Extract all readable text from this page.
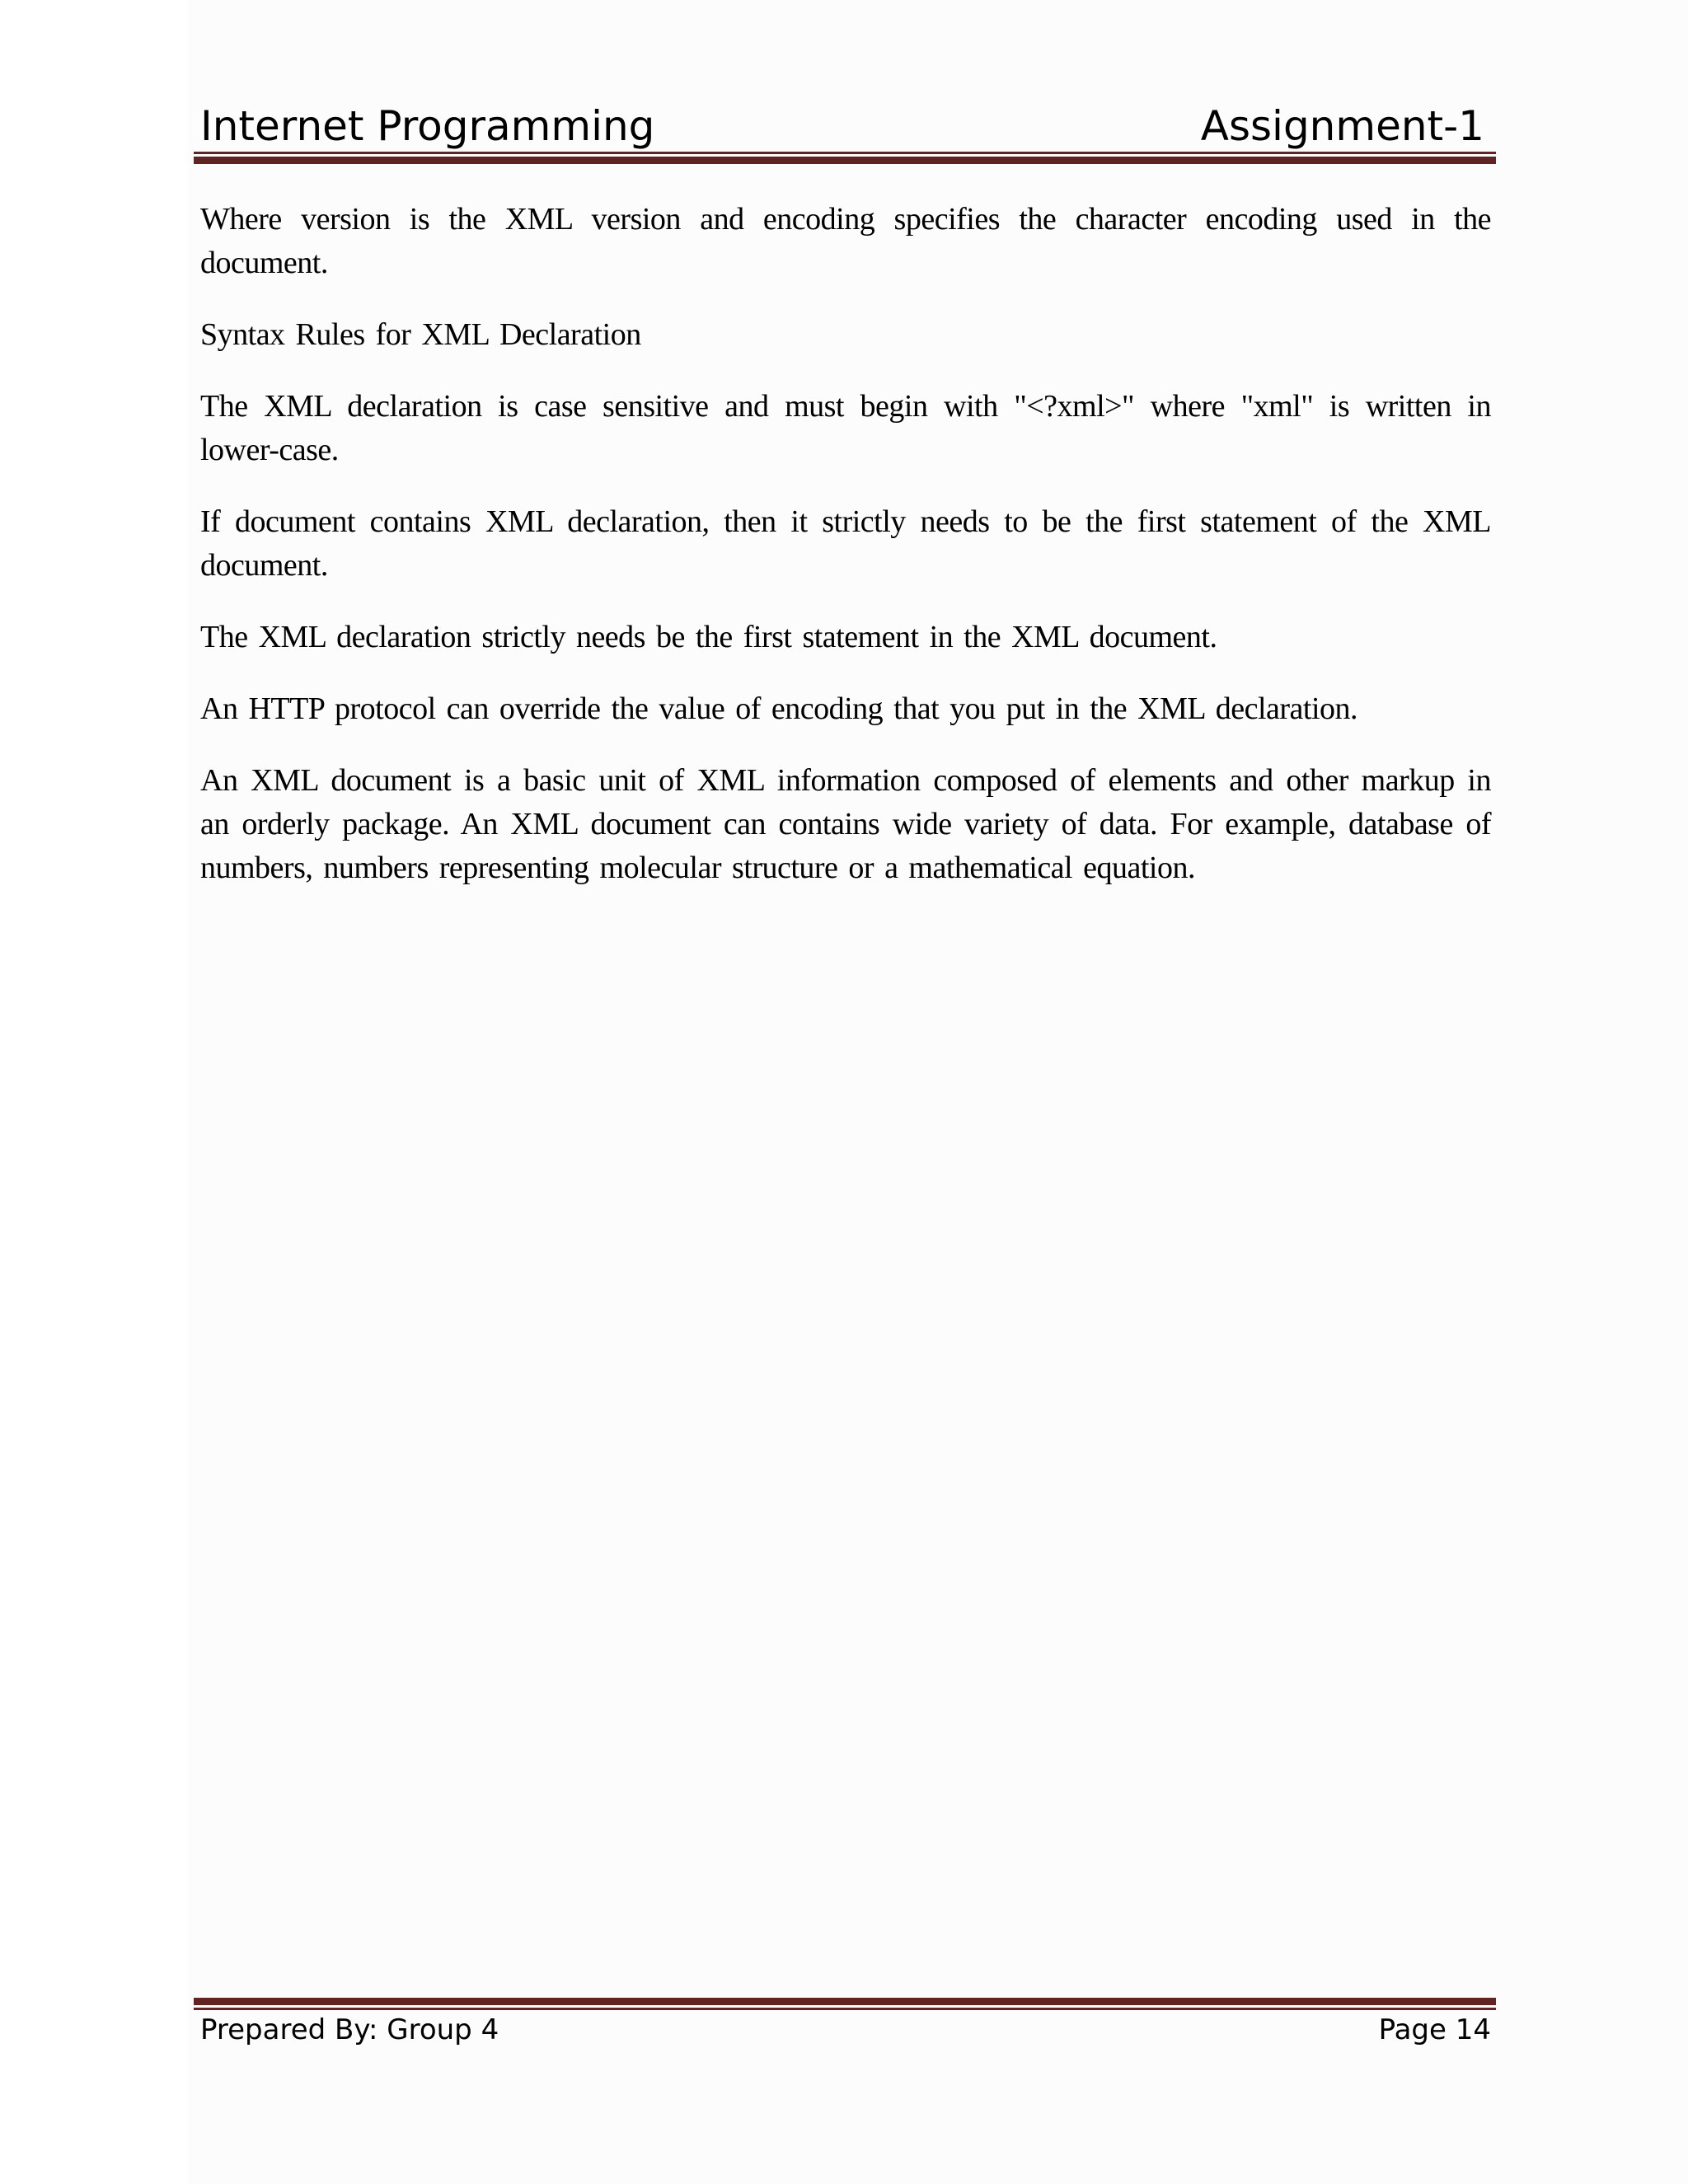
Internet Programming	Assignment-1

Where version is the XML version and encoding specifies the character encoding used in the document.

Syntax Rules for XML Declaration

The XML declaration is case sensitive and must begin with "<?xml>" where "xml" is written in lower-case.

If document contains XML declaration, then it strictly needs to be the first statement of the XML document.

The XML declaration strictly needs be the first statement in the XML document.

An HTTP protocol can override the value of encoding that you put in the XML declaration.

An XML document is a basic unit of XML information composed of elements and other markup in an orderly package. An XML document can contains wide variety of data. For example, database of numbers, numbers representing molecular structure or a mathematical equation.

Prepared By: Group 4	Page 14
